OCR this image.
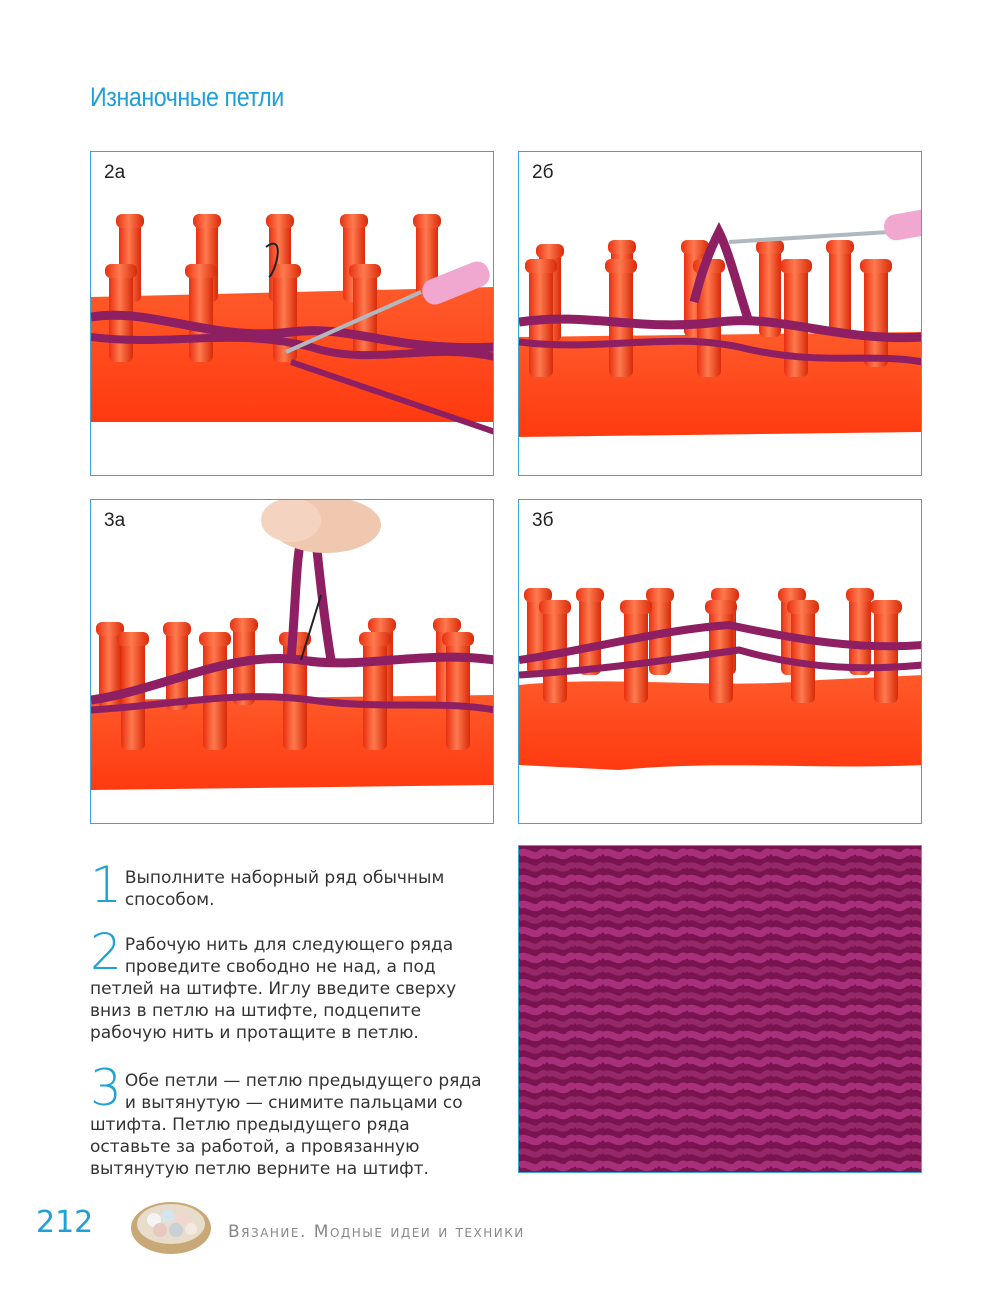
Изнаночные петли
2а	2б
3а	3б
1 Выполните наборный ряд обычным способом.
2 Рабочую нить для следующего ряда проведите свободно не над, а под петлей на штифте. Иглу введите сверху вниз в петлю на штифте, подцепите рабочую нить и протащите в петлю.
3 Обе петли — петлю предыдущего ряда и вытянутую — снимите пальцами со штифта. Петлю предыдущего ряда оставьте за работой, а провязанную вытянутую петлю верните на штифт.
212	Вязание. Модные идеи и техники
